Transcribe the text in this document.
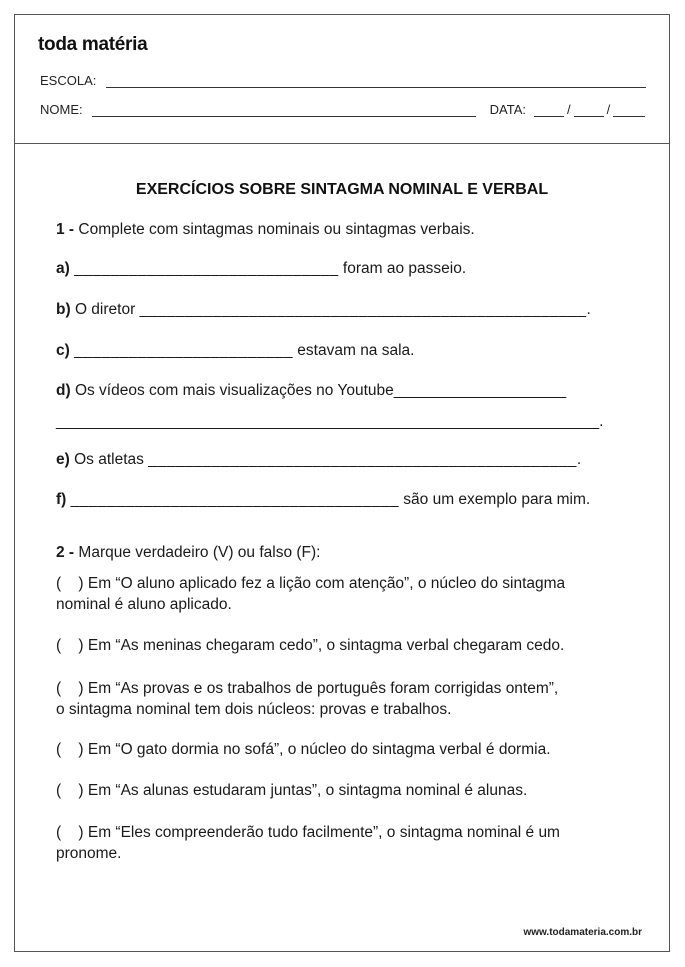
toda matéria
ESCOLA:
NOME:	DATA:	/	/
EXERCÍCIOS SOBRE SINTAGMA NOMINAL E VERBAL
1 - Complete com sintagmas nominais ou sintagmas verbais.
a) _____________________________ foram ao passeio.
b) O diretor _________________________________________________.
c) ________________________ estavam na sala.
d) Os vídeos com mais visualizações no Youtube____________________
_______________________________________________________________.
e) Os atletas _______________________________________________.
f) ____________________________________ são um exemplo para mim.
2 - Marque verdadeiro (V) ou falso (F):
(    ) Em “O aluno aplicado fez a lição com atenção”, o núcleo do sintagma
nominal é aluno aplicado.
(    ) Em “As meninas chegaram cedo”, o sintagma verbal chegaram cedo.
(    ) Em “As provas e os trabalhos de português foram corrigidas ontem”,
o sintagma nominal tem dois núcleos: provas e trabalhos.
(    ) Em “O gato dormia no sofá”, o núcleo do sintagma verbal é dormia.
(    ) Em “As alunas estudaram juntas”, o sintagma nominal é alunas.
(    ) Em “Eles compreenderão tudo facilmente”, o sintagma nominal é um
pronome.
www.todamateria.com.br
